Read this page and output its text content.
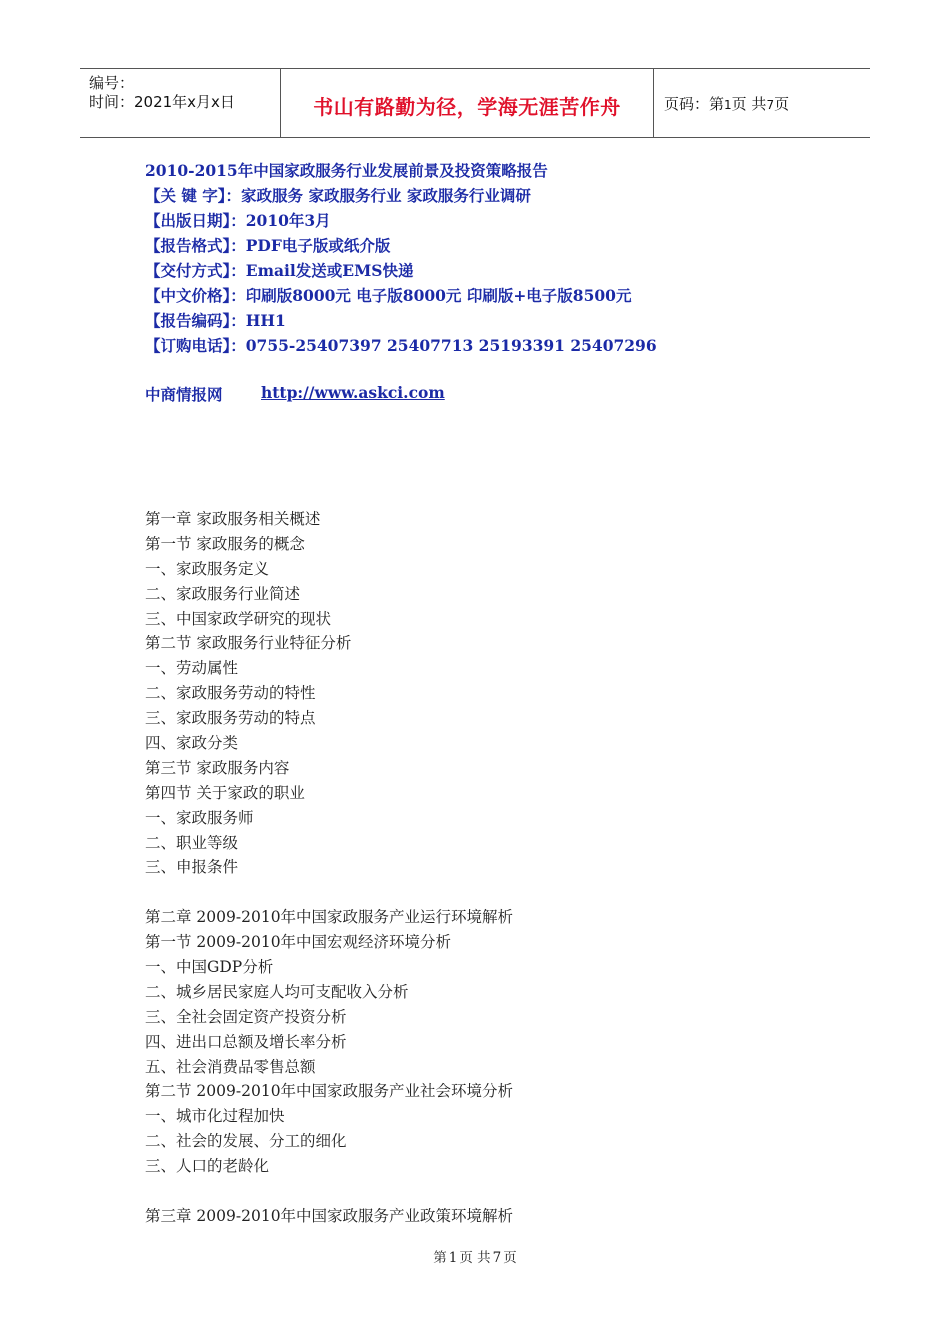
编号：
时间：2021年x月x日	书山有路勤为径，学海无涯苦作舟	页码：第1页 共7页
2010-2015年中国家政服务行业发展前景及投资策略报告
【关 键 字】：家政服务 家政服务行业 家政服务行业调研
【出版日期】：2010年3月
【报告格式】：PDF电子版或纸介版
【交付方式】：Email发送或EMS快递
【中文价格】：印刷版8000元 电子版8000元 印刷版+电子版8500元
【报告编码】：HH1
【订购电话】：0755-25407397 25407713 25193391 25407296
中商情报网 http://www.askci.com
第一章 家政服务相关概述
第一节 家政服务的概念
一、家政服务定义
二、家政服务行业简述
三、中国家政学研究的现状
第二节 家政服务行业特征分析
一、劳动属性
二、家政服务劳动的特性
三、家政服务劳动的特点
四、家政分类
第三节 家政服务内容
第四节 关于家政的职业
一、家政服务师
二、职业等级
三、申报条件
第二章 2009-2010年中国家政服务产业运行环境解析
第一节 2009-2010年中国宏观经济环境分析
一、中国GDP分析
二、城乡居民家庭人均可支配收入分析
三、全社会固定资产投资分析
四、进出口总额及增长率分析
五、社会消费品零售总额
第二节 2009-2010年中国家政服务产业社会环境分析
一、城市化过程加快
二、社会的发展、分工的细化
三、人口的老龄化
第三章 2009-2010年中国家政服务产业政策环境解析
第 1 页 共 7 页
